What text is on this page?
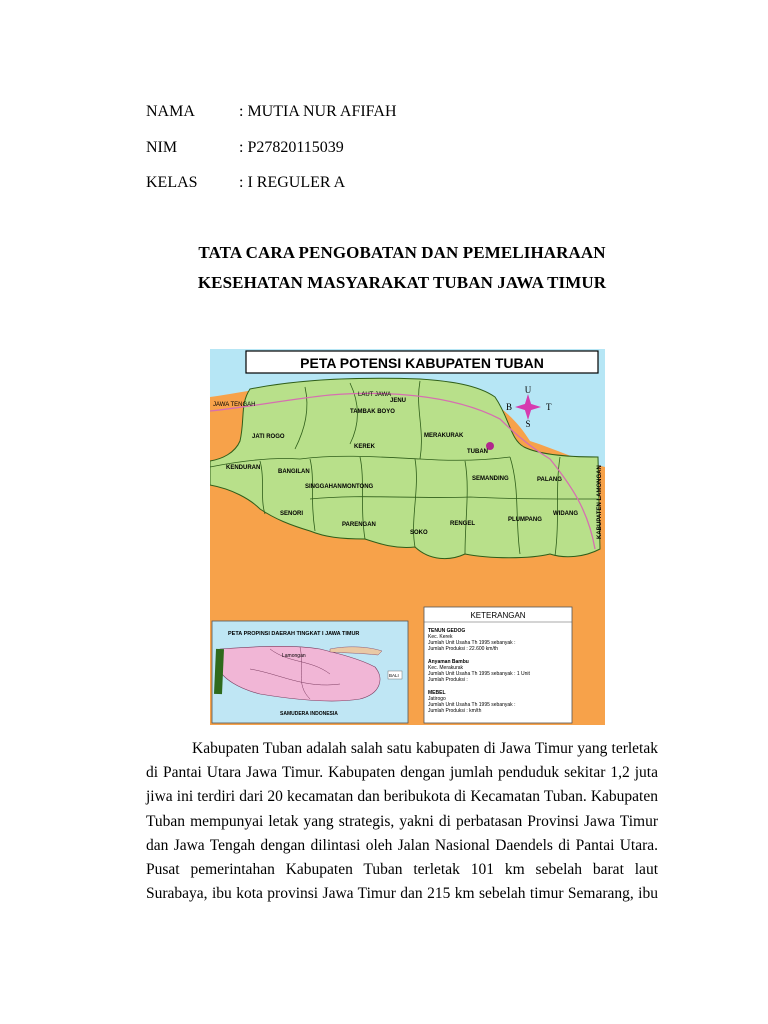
NAMA	: MUTIA NUR AFIFAH
NIM	: P27820115039
KELAS	: I REGULER A
TATA CARA PENGOBATAN DAN PEMELIHARAAN
KESEHATAN MASYARAKAT TUBAN JAWA TIMUR
PETA POTENSI KABUPATEN TUBAN
LAUT JAWA
JAWA TENGAH
KABUPATEN LAMONGAN
U
S
T
B
JENU
TAMBAK BOYO
JATI ROGO
KEREK
MERAKURAK
TUBAN
KENDURAN
BANGILAN
SINGGAHAN MONTONG
SEMANDING	PALANG
SENORI
PARENGAN
SOKO
RENGEL
PLUMPANG
WIDANG
PETA PROPINSI DAERAH TINGKAT I JAWA TIMUR
Lamongan
BALI
SAMUDERA INDONESIA
KETERANGAN
TENUN GEDOG
Kec. Kerek
Jumlah Unit Usaha Th 1995 sebanyak :
Jumlah Produksi : 22.600 km/th
Anyaman Bambu
Kec. Merakurak
Jumlah Unit Usaha Th 1995 sebanyak : 1 Unit
Jumlah Produksi :
MEBEL
Jatirogo
Jumlah Unit Usaha Th 1995 sebanyak :
Jumlah Produksi : km/th
Kabupaten Tuban adalah salah satu kabupaten di Jawa Timur yang terletak
di Pantai Utara Jawa Timur. Kabupaten dengan jumlah penduduk sekitar 1,2 juta
jiwa ini terdiri dari 20 kecamatan dan beribukota di Kecamatan Tuban. Kabupaten
Tuban mempunyai letak yang strategis, yakni di perbatasan Provinsi Jawa Timur
dan Jawa Tengah dengan dilintasi oleh Jalan Nasional Daendels di Pantai Utara.
Pusat pemerintahan Kabupaten Tuban terletak 101 km sebelah barat laut
Surabaya, ibu kota provinsi Jawa Timur dan 215 km sebelah timur Semarang, ibu
